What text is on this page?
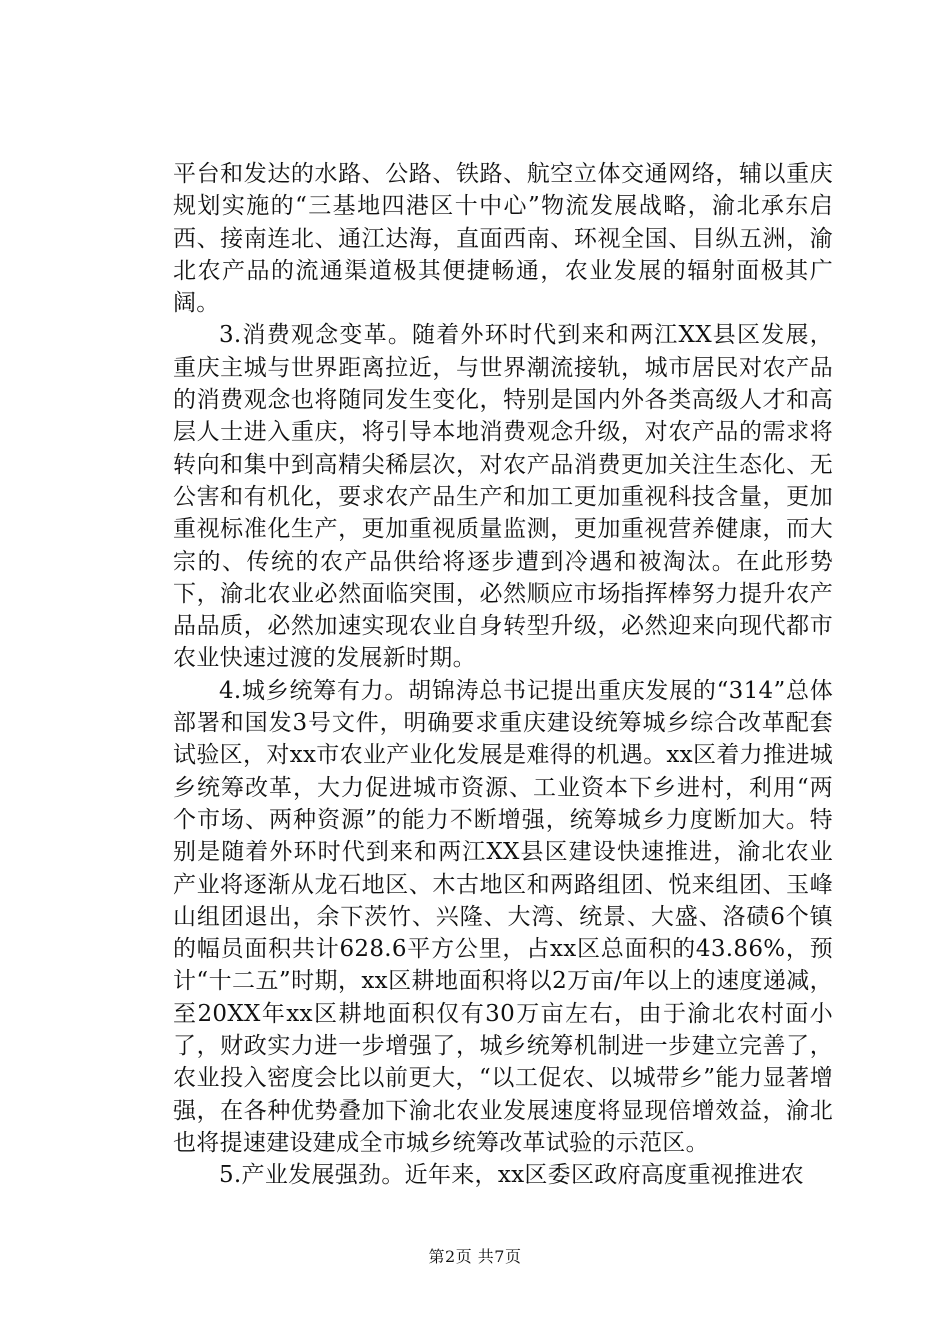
平台和发达的水路、公路、铁路、航空立体交通网络，辅以重庆规划实施的“三基地四港区十中心”物流发展战略，渝北承东启西、接南连北、通江达海，直面西南、环视全国、目纵五洲，渝北农产品的流通渠道极其便捷畅通，农业发展的辐射面极其广阔。

3.消费观念变革。随着外环时代到来和两江XX县区发展，重庆主城与世界距离拉近，与世界潮流接轨，城市居民对农产品的消费观念也将随同发生变化，特别是国内外各类高级人才和高层人士进入重庆，将引导本地消费观念升级，对农产品的需求将转向和集中到高精尖稀层次，对农产品消费更加关注生态化、无公害和有机化，要求农产品生产和加工更加重视科技含量，更加重视标准化生产，更加重视质量监测，更加重视营养健康，而大宗的、传统的农产品供给将逐步遭到冷遇和被淘汰。在此形势下，渝北农业必然面临突围，必然顺应市场指挥棒努力提升农产品品质，必然加速实现农业自身转型升级，必然迎来向现代都市农业快速过渡的发展新时期。

4.城乡统筹有力。胡锦涛总书记提出重庆发展的“314”总体部署和国发3号文件，明确要求重庆建设统筹城乡综合改革配套试验区，对xx市农业产业化发展是难得的机遇。xx区着力推进城乡统筹改革，大力促进城市资源、工业资本下乡进村，利用“两个市场、两种资源”的能力不断增强，统筹城乡力度断加大。特别是随着外环时代到来和两江XX县区建设快速推进，渝北农业产业将逐渐从龙石地区、木古地区和两路组团、悦来组团、玉峰山组团退出，余下茨竹、兴隆、大湾、统景、大盛、洛碛6个镇的幅员面积共计628.6平方公里，占xx区总面积的43.86%，预计“十二五”时期，xx区耕地面积将以2万亩/年以上的速度递减，至20XX年xx区耕地面积仅有30万亩左右，由于渝北农村面小了，财政实力进一步增强了，城乡统筹机制进一步建立完善了，农业投入密度会比以前更大，“以工促农、以城带乡”能力显著增强，在各种优势叠加下渝北农业发展速度将显现倍增效益，渝北也将提速建设建成全市城乡统筹改革试验的示范区。

5.产业发展强劲。近年来，xx区委区政府高度重视推进农

第2页 共7页
